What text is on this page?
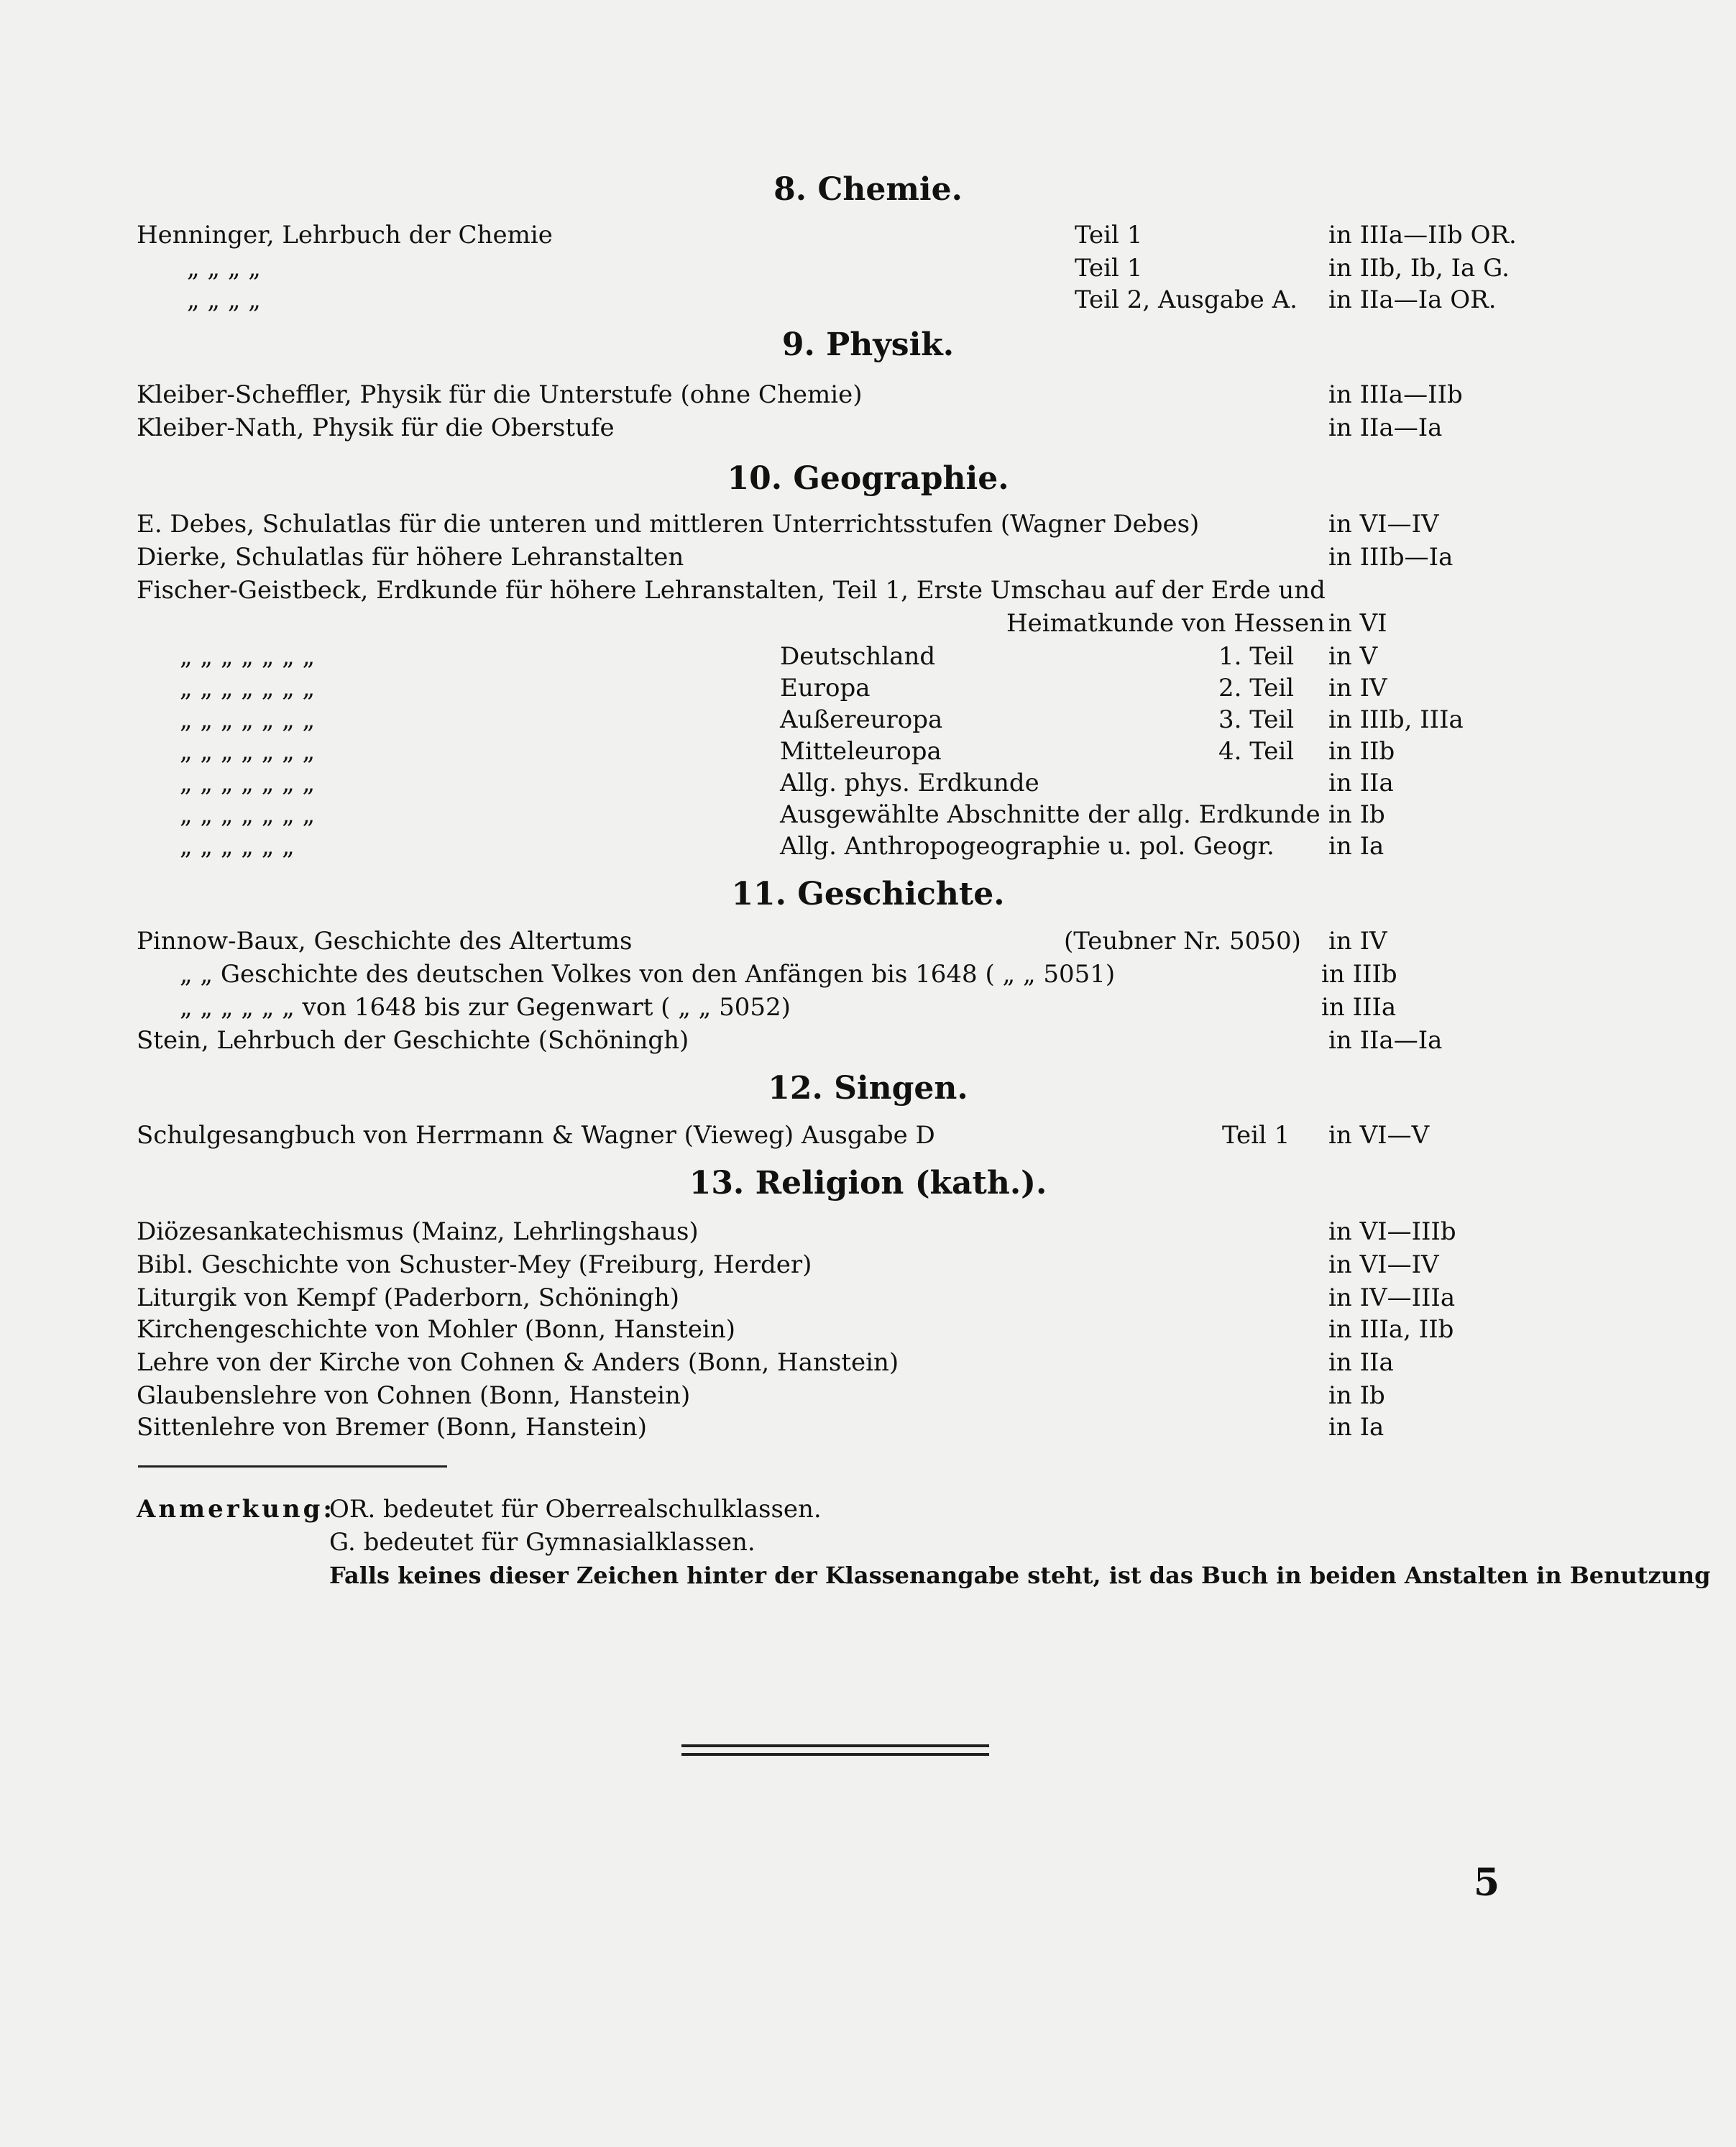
8. Chemie.
Henninger, Lehrbuch der Chemie	Teil 1	in IIIa—IIb OR.
„ „ „ „	Teil 1	in IIb, Ib, Ia G.
„ „ „ „	Teil 2, Ausgabe A. in IIa—Ia OR.
9. Physik.
Kleiber-Scheffler, Physik für die Unterstufe (ohne Chemie)	in IIIa—IIb
Kleiber-Nath, Physik für die Oberstufe	in IIa—Ia
10. Geographie.
E. Debes, Schulatlas für die unteren und mittleren Unterrichtsstufen (Wagner Debes)	in VI—IV
Dierke, Schulatlas für höhere Lehranstalten	in IIIb—Ia
Fischer-Geistbeck, Erdkunde für höhere Lehranstalten, Teil 1, Erste Umschau auf der Erde und
Heimatkunde von Hessen in VI
„ „ „ „ „ „ „	Deutschland	1. Teil in V
„ „ „ „ „ „ „	Europa	2. Teil in IV
„ „ „ „ „ „ „	Außereuropa	3. Teil in IIIb, IIIa
„ „ „ „ „ „ „	Mitteleuropa	4. Teil in IIb
„ „ „ „ „ „ „	Allg. phys. Erdkunde	in IIa
„ „ „ „ „ „ „	Ausgewählte Abschnitte der allg. Erdkunde in Ib
„ „ „ „ „ „	Allg. Anthropogeographie u. pol. Geogr. in Ia
11. Geschichte.
Pinnow-Baux, Geschichte des Altertums	(Teubner Nr. 5050) in IV
„ „ Geschichte des deutschen Volkes von den Anfängen bis 1648 ( „ „ 5051)	in IIIb
„ „ „ „ „ „ von 1648 bis zur Gegenwart ( „ „ 5052)	in IIIa
Stein, Lehrbuch der Geschichte (Schöningh)	in IIa—Ia
12. Singen.
Schulgesangbuch von Herrmann & Wagner (Vieweg) Ausgabe D	Teil 1 in VI—V
13. Religion (kath.).
Diözesankatechismus (Mainz, Lehrlingshaus)	in VI—IIIb
Bibl. Geschichte von Schuster-Mey (Freiburg, Herder)	in VI—IV
Liturgik von Kempf (Paderborn, Schöningh)	in IV—IIIa
Kirchengeschichte von Mohler (Bonn, Hanstein)	in IIIa, IIb
Lehre von der Kirche von Cohnen & Anders (Bonn, Hanstein)	in IIa
Glaubenslehre von Cohnen (Bonn, Hanstein)	in Ib
Sittenlehre von Bremer (Bonn, Hanstein)	in Ia
Anmerkung:
OR. bedeutet für Oberrealschulklassen.
G. bedeutet für Gymnasialklassen.
Falls keines dieser Zeichen hinter der Klassenangabe steht, ist das Buch in beiden Anstalten in Benutzung
5
